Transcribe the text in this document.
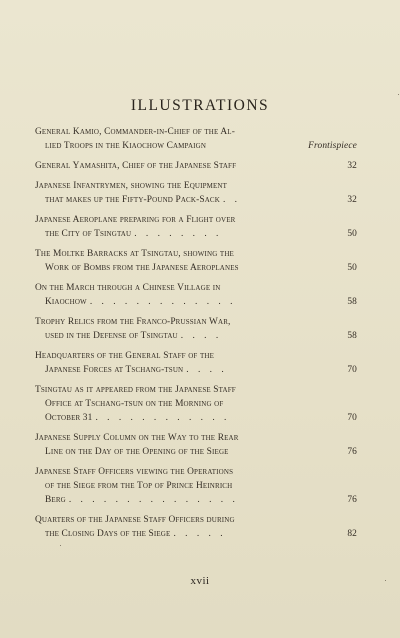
ILLUSTRATIONS
General Kamio, Commander-in-Chief of the Al-
lied Troops in the Kiaochow Campaign	Frontispiece
General Yamashita, Chief of the Japanese Staff	32
Japanese Infantrymen, showing the Equipment
that makes up the Fifty-Pound Pack-Sack . .	32
Japanese Aeroplane preparing for a Flight over
the City of Tsingtau . . . . . . . .	50
The Moltke Barracks at Tsingtau, showing the
Work of Bombs from the Japanese Aeroplanes	50
On the March through a Chinese Village in
Kiaochow . . . . . . . . . . . . .	58
Trophy Relics from the Franco-Prussian War,
used in the Defense of Tsingtau . . . .	58
Headquarters of the General Staff of the
Japanese Forces at Tschang-tsun . . . .	70
Tsingtau as it appeared from the Japanese Staff
Office at Tschang-tsun on the Morning of
October 31 . . . . . . . . . . . .	70
Japanese Supply Column on the Way to the Rear
Line on the Day of the Opening of the Siege	76
Japanese Staff Officers viewing the Operations
of the Siege from the Top of Prince Heinrich
Berg . . . . . . . . . . . . . . .	76
Quarters of the Japanese Staff Officers during
the Closing Days of the Siege . . . . .	82
xvii
